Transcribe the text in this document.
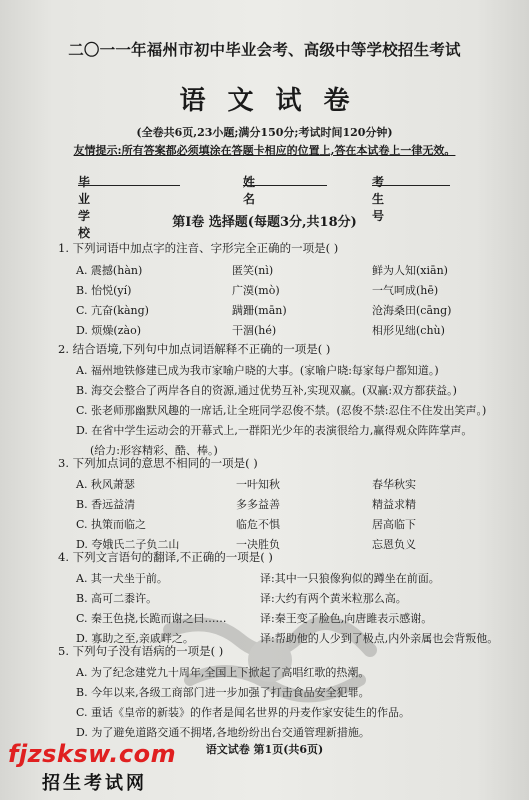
二〇一一年福州市初中毕业会考、高级中等学校招生考试
语文试卷
(全卷共6页,23小题;满分150分;考试时间120分钟)
友情提示:所有答案都必须填涂在答题卡相应的位置上,答在本试卷上一律无效。
毕业学校
姓名
考生号
第Ⅰ卷 选择题(每题3分,共18分)
1. 下列词语中加点字的注音、字形完全正确的一项是( )
A. 震撼(hàn)	匿笑(nì)	鲜为人知(xiān)
B. 怡悦(yí)	广漠(mò)	一气呵成(hē)
C. 亢奋(kàng)	蹒跚(mān)	沧海桑田(cāng)
D. 烦燥(zào)	干涸(hé)	相形见绌(chù)
2. 结合语境,下列句中加点词语解释不正确的一项是( )
A. 福州地铁修建已成为我市家喻户晓的大事。(家喻户晓:每家每户都知道。)
B. 海交会整合了两岸各自的资源,通过优势互补,实现双赢。(双赢:双方都获益。)
C. 张老师那幽默风趣的一席话,让全班同学忍俊不禁。(忍俊不禁:忍住不住发出笑声。)
D. 在省中学生运动会的开幕式上,一群阳光少年的表演很给力,赢得观众阵阵掌声。
(给力:形容精彩、酷、棒。)
3. 下列加点词的意思不相同的一项是( )
A. 秋风萧瑟	一叶知秋	春华秋实
B. 香远益清	多多益善	精益求精
C. 执策而临之	临危不惧	居高临下
D. 夸娥氏二子负二山	一决胜负	忘恩负义
4. 下列文言语句的翻译,不正确的一项是( )
A. 其一犬坐于前。	译:其中一只狼像狗似的蹲坐在前面。
B. 高可二黍许。	译:大约有两个黄米粒那么高。
C. 秦王色挠,长跪而谢之曰……	译:秦王变了脸色,向唐雎表示感谢。
D. 寡助之至,亲戚畔之。	译:帮助他的人少到了极点,内外亲属也会背叛他。
5. 下列句子没有语病的一项是( )
A. 为了纪念建党九十周年,全国上下掀起了高唱红歌的热潮。
B. 今年以来,各级工商部门进一步加强了打击食品安全犯罪。
C. 重话《皇帝的新装》的作者是闻名世界的丹麦作家安徒生的作品。
D. 为了避免道路交通不拥堵,各地纷纷出台交通管理新措施。
语文试卷 第1页(共6页)
fjzsksw.com
招生考试网
